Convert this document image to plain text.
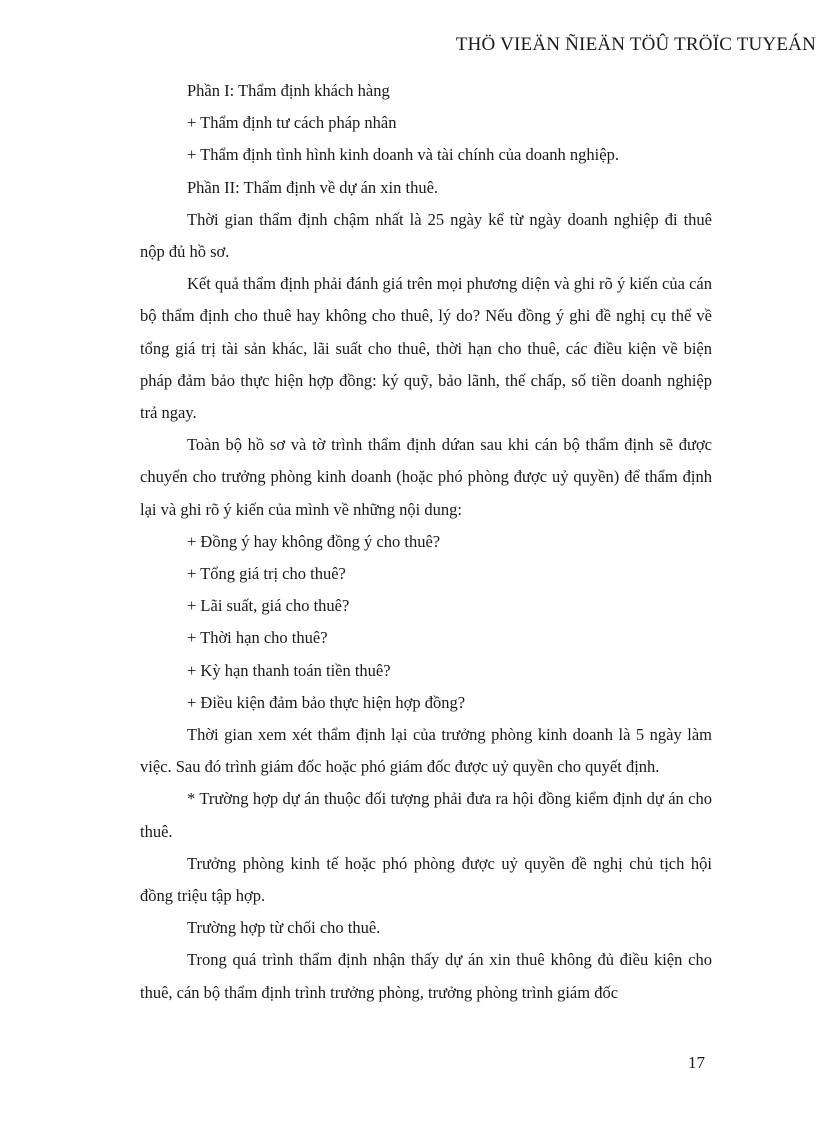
THÖ VIEÄN ÑIEÄN TÖÛ TRÖÏC TUYEÁN

Phần I: Thẩm định khách hàng

+ Thẩm định tư cách pháp nhân

+ Thẩm định tình hình kinh doanh và tài chính của doanh nghiệp.

Phần II: Thẩm định về dự án xin thuê.

Thời gian thẩm định chậm nhất là 25 ngày kể từ ngày doanh nghiệp đi thuê nộp đủ hồ sơ.

Kết quả thẩm định phải đánh giá trên mọi phương diện và ghi rõ ý kiến của cán bộ thẩm định cho thuê hay không cho thuê, lý do? Nếu đồng ý ghi đề nghị cụ thể về tổng giá trị tài sản khác, lãi suất cho thuê, thời hạn cho thuê, các điều kiện về biện pháp đảm bảo thực hiện hợp đồng: ký quỹ, bảo lãnh, thế chấp, số tiền doanh nghiệp trả ngay.

Toàn bộ hồ sơ và tờ trình thẩm định dứan sau khi cán bộ thẩm định sẽ được chuyển cho trưởng phòng kinh doanh (hoặc phó phòng được uỷ quyền) để thẩm định lại và ghi rõ ý kiến của mình về những nội dung:

+ Đồng ý hay không đồng ý cho thuê?

+ Tổng giá trị cho thuê?

+ Lãi suất, giá cho thuê?

+ Thời hạn cho thuê?

+ Kỳ hạn thanh toán tiền thuê?

+ Điều kiện đảm bảo thực hiện hợp đồng?

Thời gian xem xét thẩm định lại của trưởng phòng kinh doanh là 5 ngày làm việc. Sau đó trình giám đốc hoặc phó giám đốc được uỷ quyền cho quyết định.

* Trường hợp dự án thuộc đối tượng phải đưa ra hội đồng kiểm định dự án cho thuê.

Trưởng phòng kinh tế hoặc phó phòng được uỷ quyền đề nghị chủ tịch hội đồng triệu tập hợp.

Trường hợp từ chối cho thuê.

Trong quá trình thẩm định nhận thấy dự án xin thuê không đủ điều kiện cho thuê, cán bộ thẩm định trình trưởng phòng, trưởng phòng trình giám đốc

17
